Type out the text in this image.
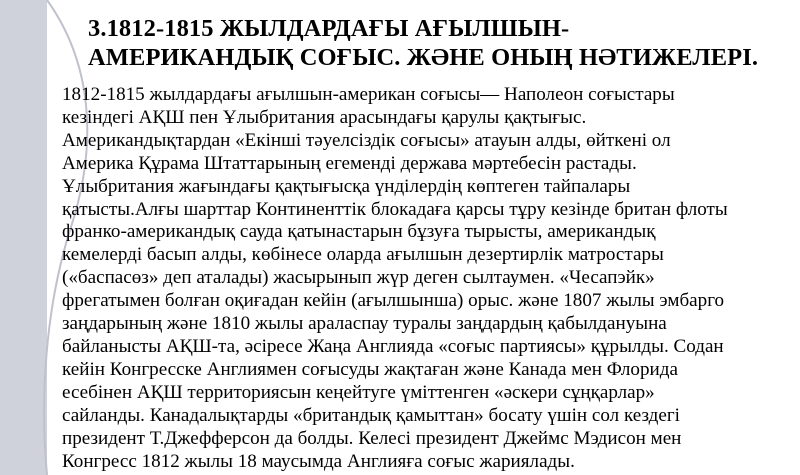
3.1812-1815 ЖЫЛДАРДАҒЫ АҒЫЛШЫН-
АМЕРИКАНДЫҚ СОҒЫС. ЖӘНЕ ОНЫҢ НӘТИЖЕЛЕРІ.

1812-1815 жылдардағы ағылшын-американ соғысы— Наполеон соғыстары
кезіндегі АҚШ пен Ұлыбритания арасындағы қарулы қақтығыс.
Американдықтардан «Екінші тәуелсіздік соғысы» атауын алды, өйткені ол
Америка Құрама Штаттарының егеменді держава мәртебесін растады.
Ұлыбритания жағындағы қақтығысқа үнділердің көптеген тайпалары
қатысты.Алғы шарттар Континенттік блокадаға қарсы тұру кезінде британ флоты
франко-американдық сауда қатынастарын бұзуға тырысты, американдық
кемелерді басып алды, көбінесе оларда ағылшын дезертирлік матростары
(«баспасөз» деп аталады) жасырынып жүр деген сылтаумен. «Чесапэйк»
фрегатымен болған оқиғадан кейін (ағылшынша) орыс. және 1807 жылы эмбарго
заңдарының және 1810 жылы араласпау туралы заңдардың қабылдануына
байланысты АҚШ-та, әсіресе Жаңа Англияда «соғыс партиясы» құрылды. Содан
кейін Конгресске Англиямен соғысуды жақтаған жәнe Канада мен Флорида
есебінен АҚШ территориясын кеңейтуге үміттенген «әскери сұңқарлар»
сайланды. Канадалықтарды «британдық қамыттан» босату үшін сол кездегі
президент Т.Джефферсон да болды. Келесі президент Джеймс Мэдисон мен
Конгресс 1812 жылы 18 маусымда Англияға соғыс жариялады.
